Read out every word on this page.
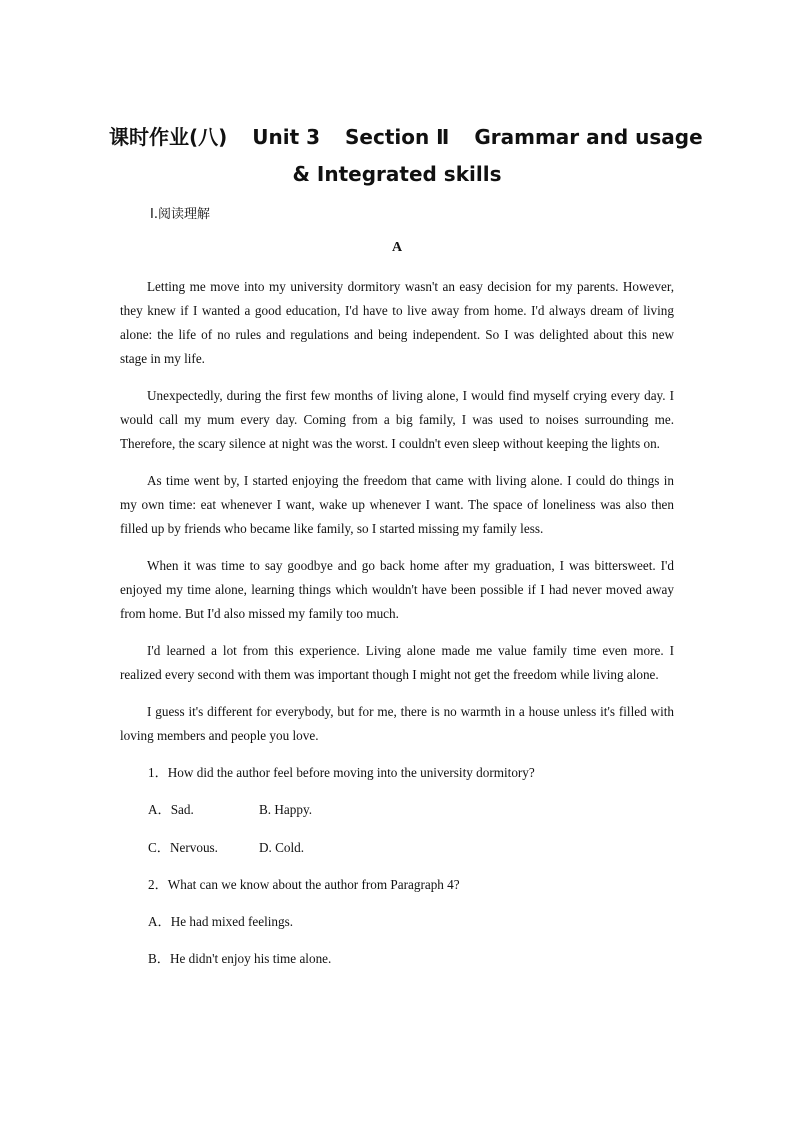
课时作业(八) Unit 3 Section Ⅱ Grammar and usage
& Integrated skills
Ⅰ.阅读理解
A

Letting me move into my university dormitory wasn't an easy decision for my parents. However, they knew if I wanted a good education, I'd have to live away from home. I'd always dream of living alone: the life of no rules and regulations and being independent. So I was delighted about this new stage in my life.

Unexpectedly, during the first few months of living alone, I would find myself crying every day. I would call my mum every day. Coming from a big family, I was used to noises surrounding me. Therefore, the scary silence at night was the worst. I couldn't even sleep without keeping the lights on.

As time went by, I started enjoying the freedom that came with living alone. I could do things in my own time: eat whenever I want, wake up whenever I want. The space of loneliness was also then filled up by friends who became like family, so I started missing my family less.

When it was time to say goodbye and go back home after my graduation, I was bittersweet. I'd enjoyed my time alone, learning things which wouldn't have been possible if I had never moved away from home. But I'd also missed my family too much.

I'd learned a lot from this experience. Living alone made me value family time even more. I realized every second with them was important though I might not get the freedom while living alone.

I guess it's different for everybody, but for me, there is no warmth in a house unless it's filled with loving members and people you love.

1．How did the author feel before moving into the university dormitory?
A．Sad.	B. Happy.
C．Nervous.	D. Cold.
2．What can we know about the author from Paragraph 4?
A．He had mixed feelings.
B．He didn't enjoy his time alone.
